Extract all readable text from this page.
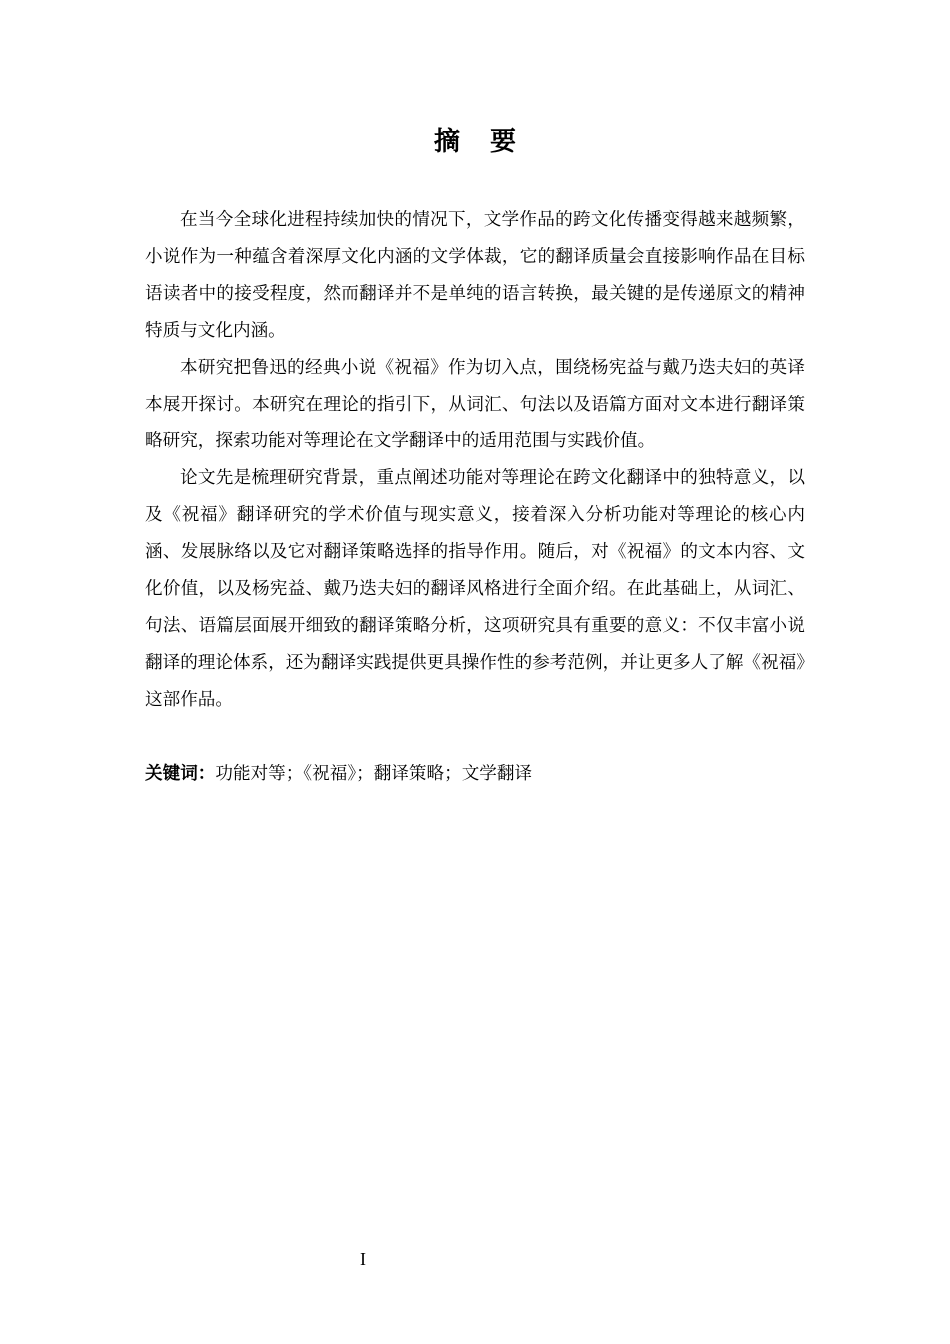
摘 要

在当今全球化进程持续加快的情况下，文学作品的跨文化传播变得越来越频繁，小说作为一种蕴含着深厚文化内涵的文学体裁，它的翻译质量会直接影响作品在目标语读者中的接受程度，然而翻译并不是单纯的语言转换，最关键的是传递原文的精神特质与文化内涵。

本研究把鲁迅的经典小说《祝福》作为切入点，围绕杨宪益与戴乃迭夫妇的英译本展开探讨。本研究在理论的指引下，从词汇、句法以及语篇方面对文本进行翻译策略研究，探索功能对等理论在文学翻译中的适用范围与实践价值。

论文先是梳理研究背景，重点阐述功能对等理论在跨文化翻译中的独特意义，以及《祝福》翻译研究的学术价值与现实意义，接着深入分析功能对等理论的核心内涵、发展脉络以及它对翻译策略选择的指导作用。随后，对《祝福》的文本内容、文化价值，以及杨宪益、戴乃迭夫妇的翻译风格进行全面介绍。在此基础上，从词汇、句法、语篇层面展开细致的翻译策略分析，这项研究具有重要的意义：不仅丰富小说翻译的理论体系，还为翻译实践提供更具操作性的参考范例，并让更多人了解《祝福》这部作品。

关键词：功能对等；《祝福》；翻译策略；文学翻译
I
